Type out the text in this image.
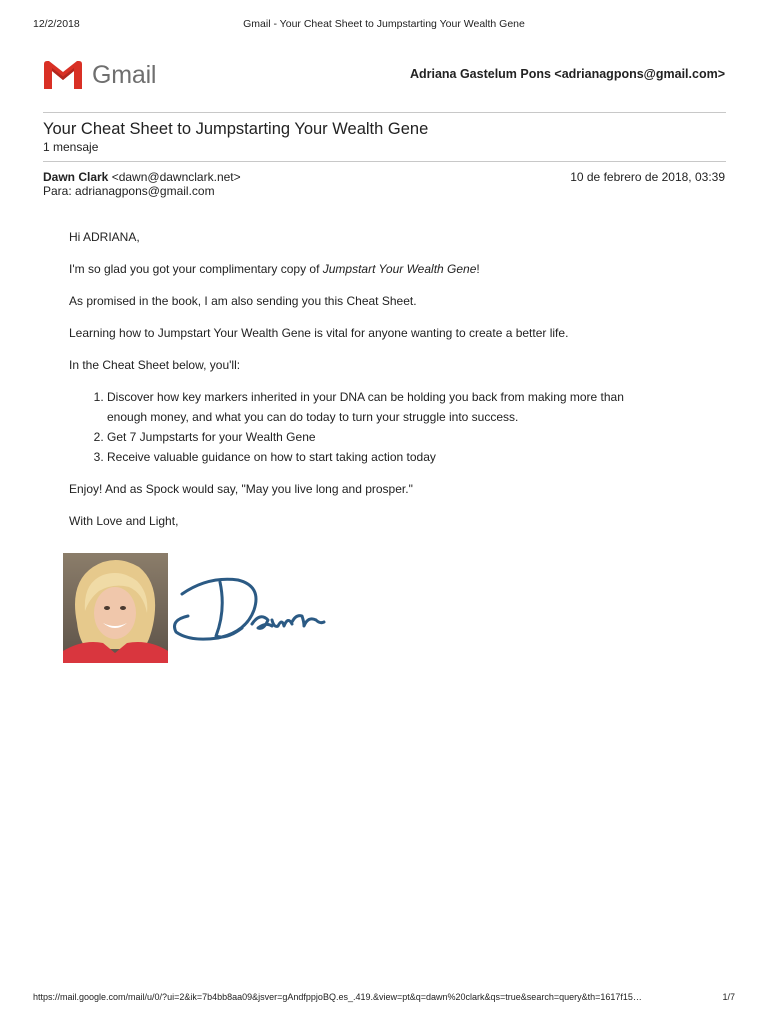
12/2/2018	Gmail - Your Cheat Sheet to Jumpstarting Your Wealth Gene
Gmail	Adriana Gastelum Pons <adrianagpons@gmail.com>
Your Cheat Sheet to Jumpstarting Your Wealth Gene
1 mensaje
Dawn Clark <dawn@dawnclark.net>	10 de febrero de 2018, 03:39
Para: adrianagpons@gmail.com

Hi ADRIANA,

I'm so glad you got your complimentary copy of Jumpstart Your Wealth Gene!

As promised in the book, I am also sending you this Cheat Sheet.

Learning how to Jumpstart Your Wealth Gene is vital for anyone wanting to create a better life.

In the Cheat Sheet below, you'll:

1. Discover how key markers inherited in your DNA can be holding you back from making more than enough money, and what you can do today to turn your struggle into success.
2. Get 7 Jumpstarts for your Wealth Gene
3. Receive valuable guidance on how to start taking action today

Enjoy! And as Spock would say, "May you live long and prosper."

With Love and Light,

https://mail.google.com/mail/u/0/?ui=2&ik=7b4bb8aa09&jsver=gAndfppjoBQ.es_.419.&view=pt&q=dawn%20clark&qs=true&search=query&th=1617f15…	1/7
